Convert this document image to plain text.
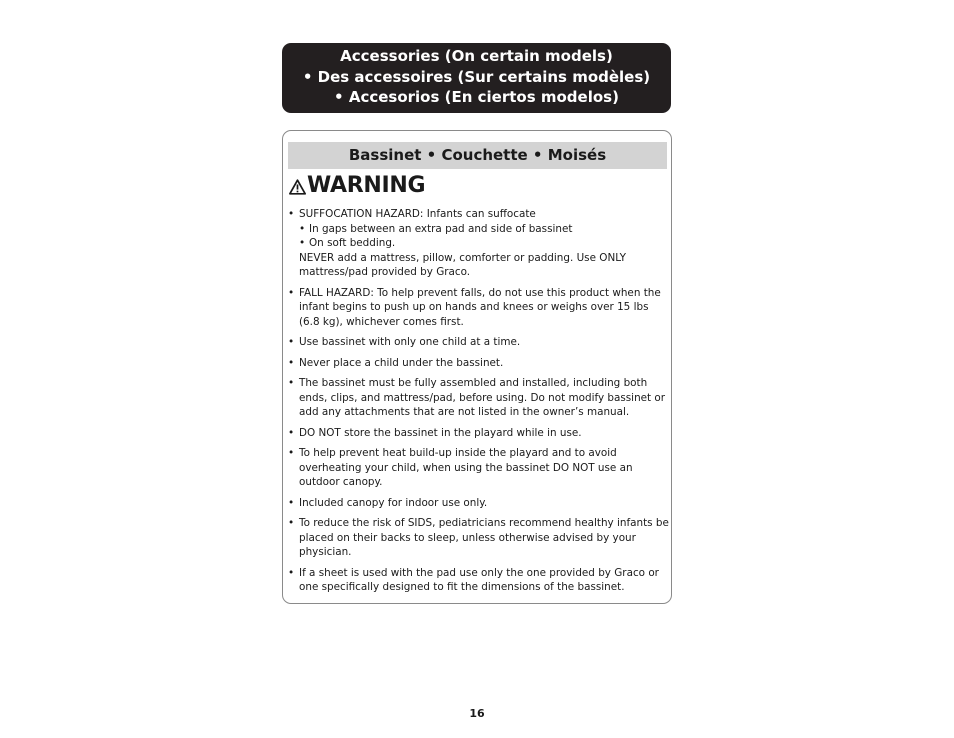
Accessories (On certain models)
• Des accessoires (Sur certains modèles)
• Accesorios (En ciertos modelos)
Bassinet • Couchette • Moisés
WARNING
• SUFFOCATION HAZARD: Infants can suffocate
• In gaps between an extra pad and side of bassinet
• On soft bedding.
NEVER add a mattress, pillow, comforter or padding. Use ONLY mattress/pad provided by Graco.
• FALL HAZARD: To help prevent falls, do not use this product when the infant begins to push up on hands and knees or weighs over 15 lbs (6.8 kg), whichever comes first.
• Use bassinet with only one child at a time.
• Never place a child under the bassinet.
• The bassinet must be fully assembled and installed, including both ends, clips, and mattress/pad, before using. Do not modify bassinet or add any attachments that are not listed in the owner’s manual.
• DO NOT store the bassinet in the playard while in use.
• To help prevent heat build-up inside the playard and to avoid overheating your child, when using the bassinet DO NOT use an outdoor canopy.
• Included canopy for indoor use only.
• To reduce the risk of SIDS, pediatricians recommend healthy infants be placed on their backs to sleep, unless otherwise advised by your physician.
• If a sheet is used with the pad use only the one provided by Graco or one specifically designed to fit the dimensions of the bassinet.
16
